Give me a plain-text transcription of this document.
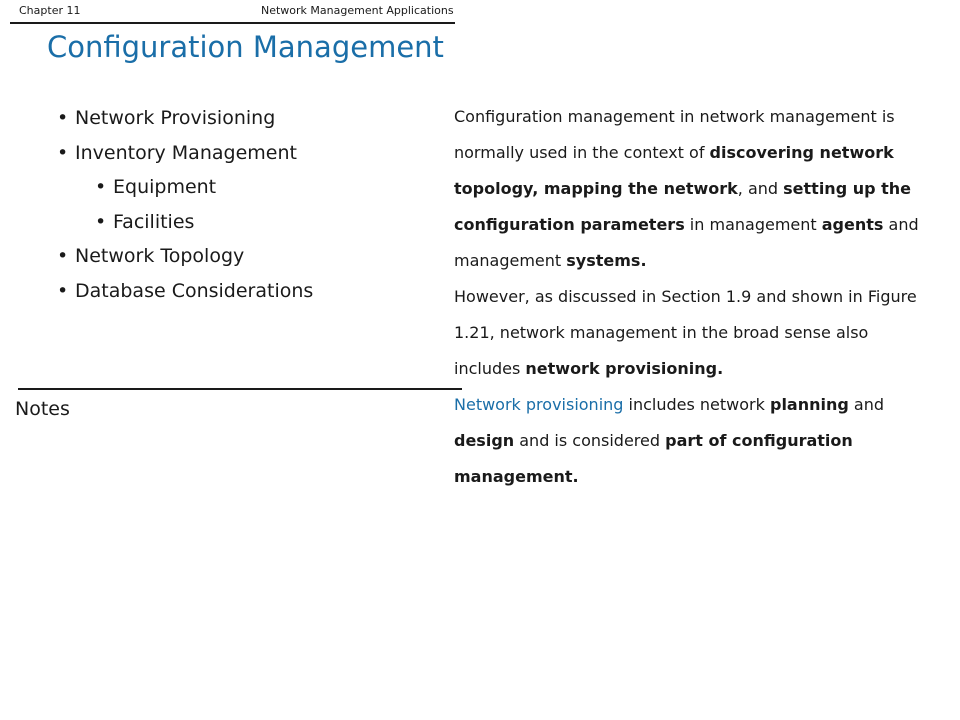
Chapter 11	Network Management Applications
Configuration Management
• Network Provisioning
• Inventory Management
• Equipment
• Facilities
• Network Topology
• Database Considerations
Notes

Configuration management in network management is normally used in the context of discovering network topology, mapping the network, and setting up the configuration parameters in management agents and management systems.

However, as discussed in Section 1.9 and shown in Figure 1.21, network management in the broad sense also includes network provisioning.

Network provisioning includes network planning and design and is considered part of configuration management.
